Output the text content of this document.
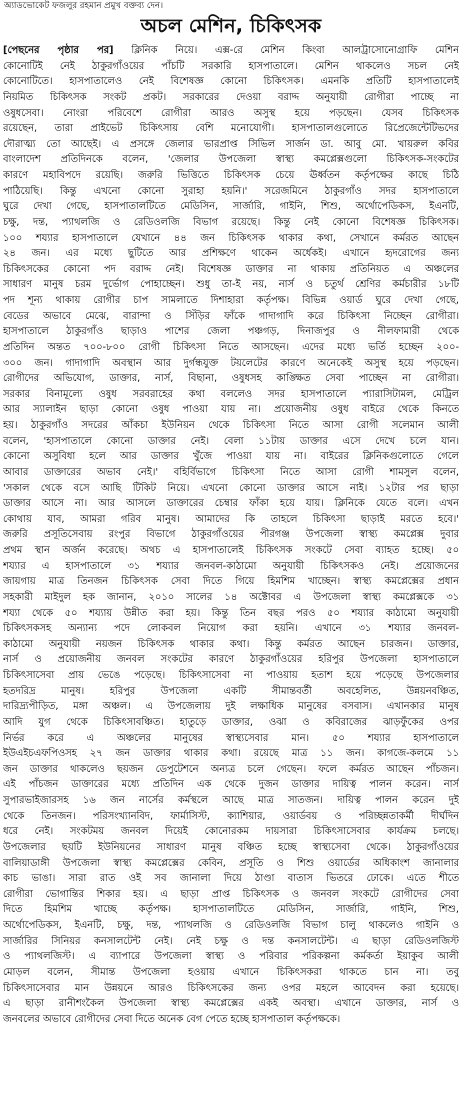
অ্যাডভোকেট ফজলুর রহমান প্রমুখ বক্তব্য দেন।
অচল মেশিন, চিকিৎসক
[পেছনের পৃষ্ঠার পর] ক্লিনিক নিয়ে। এক্স-রে মেশিন কিংবা আলট্রাসোনোগ্রাফি মেশিন
কোনোটিই নেই ঠাকুরগাঁওয়ের পাঁচটি সরকারি হাসপাতালে। মেশিন থাকলেও সচল নেই
কোনোটিতে। হাসপাতালেও নেই বিশেষজ্ঞ কোনো চিকিৎসক। এমনকি প্রতিটি হাসপাতালেই
নিয়মিত চিকিৎসক সংকট প্রকট। সরকারের দেওয়া বরাদ্দ অনুযায়ী রোগীরা পাচ্ছে না
ওষুধসেবা। নোংরা পরিবেশে রোগীরা আরও অসুস্থ হয়ে পড়ছেন। যেসব চিকিৎসক
রয়েছেন, তারা প্রাইভেট চিকিৎসায় বেশি মনোযোগী। হাসপাতালগুলোতে রিপ্রেজেন্টেটিভদের
দৌরাত্ম্য তো আছেই। এ প্রসঙ্গে জেলার ভারপ্রাপ্ত সিভিল সার্জন ডা. আবু মো. খায়রুল কবির
বাংলাদেশ প্রতিদিনকে বলেন, 'জেলার উপজেলা স্বাস্থ্য কমপ্লেক্সগুলো চিকিৎসক-সংকটের
কারণে মহাবিপদে রয়েছি। জরুরি ভিত্তিতে চিকিৎসক চেয়ে ঊর্ধ্বতন কর্তৃপক্ষের কাছে চিঠি
পাঠিয়েছি। কিন্তু এখনো কোনো সুরাহা হয়নি।' সরেজমিনে ঠাকুরগাঁও সদর হাসপাতালে
ঘুরে দেখা গেছে, হাসপাতালটিতে মেডিসিন, সার্জারি, গাইনি, শিশু, অর্থোপেডিকস, ইএনটি,
চক্ষু, দন্ত, প্যাথলজি ও রেডিওলজি বিভাগ রয়েছে। কিন্তু নেই কোনো বিশেষজ্ঞ চিকিৎসক।
১০০ শয্যার হাসপাতালে যেখানে ৪৪ জন চিকিৎসক থাকার কথা, সেখানে কর্মরত আছেন
২৪ জন। এর মধ্যে ছুটিতে আর প্রশিক্ষণে থাকেন অর্ধেকই। এখানে হৃদরোগের জন্য
চিকিৎসকের কোনো পদ বরাদ্দ নেই। বিশেষজ্ঞ ডাক্তার না থাকায় প্রতিনিয়ত এ অঞ্চলের
সাধারণ মানুষ চরম দুর্ভোগ পোহাচ্ছেন। শুধু তা-ই নয়, নার্স ও চতুর্থ শ্রেণির কর্মচারীর ১৮টি
পদ শূন্য থাকায় রোগীর চাপ সামলাতে দিশাহারা কর্তৃপক্ষ। বিভিন্ন ওয়ার্ড ঘুরে দেখা গেছে,
বেডের অভাবে মেঝে, বারান্দা ও সিঁড়ির ফাঁকে গাদাগাদি করে চিকিৎসা নিচ্ছেন রোগীরা।
হাসপাতালে ঠাকুরগাঁও ছাড়াও পাশের জেলা পঞ্চগড়, দিনাজপুর ও নীলফামারী থেকে
প্রতিদিন অন্তত ৭০০-৮০০ রোগী চিকিৎসা নিতে আসছেন। এদের মধ্যে ভর্তি হচ্ছেন ২০০-
৩০০ জন। গাদাগাদি অবস্থান আর দুর্গন্ধযুক্ত টয়লেটের কারণে অনেকেই অসুস্থ হয়ে পড়ছেন।
রোগীদের অভিযোগ, ডাক্তার, নার্স, বিছানা, ওষুধসহ কাঙ্ক্ষিত সেবা পাচ্ছেন না রোগীরা।
সরকার বিনামূল্যে ওষুধ সরবরাহের কথা বললেও সদর হাসপাতালে প্যারাসিটামল, মেট্রিল
আর স্যালাইন ছাড়া কোনো ওষুধ পাওয়া যায় না। প্রয়োজনীয় ওষুধ বাইরে থেকে কিনতে
হয়। ঠাকুরগাঁও সদরের আঁকচা ইউনিয়ন থেকে চিকিৎসা নিতে আসা রোগী সলেমান আলী
বলেন, 'হাসপাতালে কোনো ডাক্তার নেই। বেলা ১১টায় ডাক্তার এসে দেখে চলে যান।
কোনো অসুবিধা হলে আর ডাক্তার খুঁজে পাওয়া যায় না। বাইরের ক্লিনিকগুলোতে গেলে
আবার ডাক্তারের অভাব নেই।' বহির্বিভাগে চিকিৎসা নিতে আসা রোগী শামসুল বলেন,
'সকাল থেকে বসে আছি টিকিট নিয়ে। এখনো কোনো ডাক্তার আসে নাই। ১২টার পর ছাড়া
ডাক্তার আসে না। আর আসলে ডাক্তারের চেম্বার ফাঁকা হয়ে যায়। ক্লিনিকে যেতে বলে। এখন
কোথায় যাব, আমরা গরিব মানুষ। আমাদের কি তাহলে চিকিৎসা ছাড়াই মরতে হবে।'
জরুরি প্রসূতিসেবায় রংপুর বিভাগে ঠাকুরগাঁওয়ের পীরগঞ্জ উপজেলা স্বাস্থ্য কমপ্লেক্স দুবার
প্রথম স্থান অর্জন করেছে। অথচ এ হাসপাতালেই চিকিৎসক সংকটে সেবা ব্যাহত হচ্ছে। ৫০
শয্যার এ হাসপাতালে ৩১ শয্যার জনবল-কাঠামো অনুযায়ী চিকিৎসকও নেই। প্রয়োজনের
জায়গায় মাত্র তিনজন চিকিৎসক সেবা দিতে গিয়ে হিমশিম খাচ্ছেন। স্বাস্থ্য কমপ্লেক্সের প্রধান
সহকারী মাইদুল হক জানান, ২০১০ সালের ১৪ অক্টোবর এ উপজেলা স্বাস্থ্য কমপ্লেক্সকে ৩১
শয্যা থেকে ৫০ শয্যায় উন্নীত করা হয়। কিন্তু তিন বছর পরও ৫০ শয্যার কাঠামো অনুযায়ী
চিকিৎসকসহ অন্যান্য পদে লোকবল নিয়োগ করা হয়নি। এখানে ৩১ শয্যার জনবল-
কাঠামো অনুযায়ী নয়জন চিকিৎসক থাকার কথা। কিন্তু কর্মরত আছেন চারজন। ডাক্তার,
নার্স ও প্রয়োজনীয় জনবল সংকটের কারণে ঠাকুরগাঁওয়ের হরিপুর উপজেলা হাসপাতালে
চিকিৎসাসেবা প্রায় ভেঙে পড়েছে। চিকিৎসাসেবা না পাওয়ায় হতাশ হয়ে পড়েছে উপজেলার
হতদরিদ্র মানুষ। হরিপুর উপজেলা একটি সীমান্তবর্তী অবহেলিত, উন্নয়নবঞ্চিত,
দারিদ্র্যপীড়িত, মঙ্গা অঞ্চল। এ উপজেলায় দুই লক্ষাধিক মানুষের বসবাস। এখানকার মানুষ
আদি যুগ থেকে চিকিৎসাবঞ্চিত। হাতুড়ে ডাক্তার, ওঝা ও কবিরাজের ঝাড়ফুঁকের ওপর
নির্ভর করে এ অঞ্চলের মানুষের স্বাস্থ্যসেবার মান। ৫০ শয্যার হাসপাতালে
ইউএইচএফপিওসহ ২৭ জন ডাক্তার থাকার কথা। রয়েছে মাত্র ১১ জন। কাগজে-কলমে ১১
জন ডাক্তার থাকলেও ছয়জন ডেপুটেশনে অন্যত্র চলে গেছেন। ফলে কর্মরত আছেন পাঁচজন।
এই পাঁচজন ডাক্তারের মধ্যে প্রতিদিন এক থেকে দুজন ডাক্তার দায়িত্ব পালন করেন। নার্স
সুপারভাইজারসহ ১৬ জন নার্সের কর্মস্থলে আছে মাত্র সাতজন। দায়িত্ব পালন করেন দুই
থেকে তিনজন। পরিসংখ্যানবিদ, ফার্মাসিস্ট, ক্যাশিয়ার, ওয়ার্ডবয় ও পরিচ্ছন্নতাকর্মী দীর্ঘদিন
ধরে নেই। সংকটময় জনবল দিয়েই কোনোরকম দায়সারা চিকিৎসাসেবার কার্যক্রম চলছে।
উপজেলার ছয়টি ইউনিয়নের সাধারণ মানুষ বঞ্চিত হচ্ছে স্বাস্থ্যসেবা থেকে। ঠাকুরগাঁওয়ের
বালিয়াডাঙ্গী উপজেলা স্বাস্থ্য কমপ্লেক্সের কেবিন, প্রসূতি ও শিশু ওয়ার্ডের অধিকাংশ জানালার
কাচ ভাঙা। সারা রাত ওই সব জানালা দিয়ে ঠাণ্ডা বাতাস ভিতরে ঢোকে। এতে শীতে
রোগীরা ভোগান্তির শিকার হয়। এ ছাড়া প্রাপ্ত চিকিৎসক ও জনবল সংকটে রোগীদের সেবা
দিতে হিমশিম খাচ্ছে কর্তৃপক্ষ। হাসপাতালটিতে মেডিসিন, সার্জারি, গাইনি, শিশু,
অর্থোপেডিকস, ইএনটি, চক্ষু, দন্ত, প্যাথলজি ও রেডিওলজি বিভাগ চালু থাকলেও গাইনি ও
সার্জারির সিনিয়র কনসালটেন্ট নেই। নেই চক্ষু ও দন্ত কনসালটেন্ট। এ ছাড়া রেডিওলজিস্ট
ও প্যাথলজিস্ট। এ ব্যাপারে উপজেলা স্বাস্থ্য ও পরিবার পরিকল্পনা কর্মকর্তা ইয়াকুব আলী
মোড়ল বলেন, সীমান্ত উপজেলা হওয়ায় এখানে চিকিৎসকরা থাকতে চান না। তবু
চিকিৎসাসেবার মান উন্নয়নে আরও চিকিৎসকের জন্য ওপর মহলে আবেদন করা হয়েছে।
এ ছাড়া রানীশংকৈল উপজেলা স্বাস্থ্য কমপ্লেক্সের একই অবস্থা। এখানে ডাক্তার, নার্স ও
জনবলের অভাবে রোগীদের সেবা দিতে অনেক বেগ পেতে হচ্ছে হাসপাতাল কর্তৃপক্ষকে।
